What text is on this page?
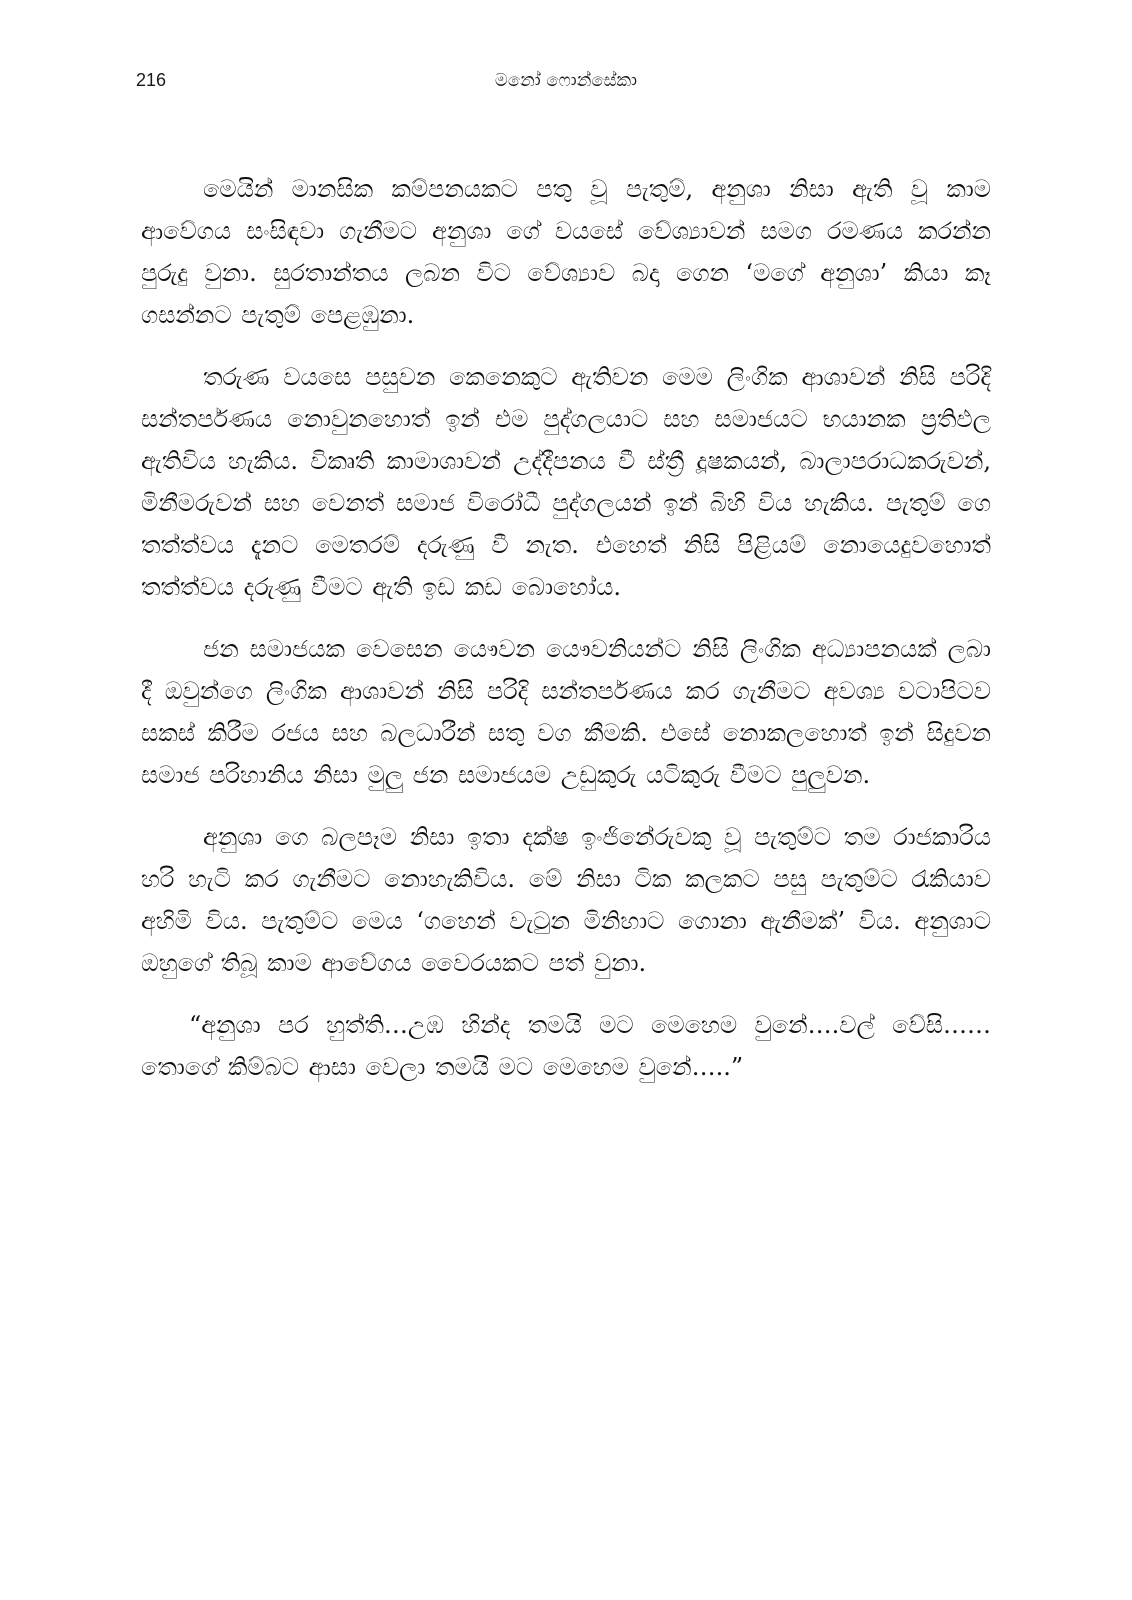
216	මනෝ ෆොන්සේකා

මෙයින් මානසික කම්පනයකට පතු වූ පැතුම්, අනුශා නිසා ඇති වූ කාම ආවේගය සංසිඳවා ගැනීමට අනුශා ගේ වයසේ වේශ්‍යාවන් සමග රමණය කරන්න පුරුදු වුනා. සුරතාන්තය ලබන විට වේශ්‍යාව බදා ගෙන ‘මගේ අනුශා’ කියා කෑ ගසන්නට පැතුම් පෙළඹුනා.

තරුණ වයසෙ පසුවන කෙනෙකුට ඇතිවන මෙම ලිංගික ආශාවන් නිසි පරිදි සන්තර්පණය නොවුනහොත් ඉන් එම පුද්ගලයාට සහ සමාජයට භයානක ප්‍රතිඵල ඇතිවිය හැකිය. විකෘති කාමාශාවන් උද්දීපනය වී ස්ත්‍රී දූෂකයන්, බාලාපරාධකරුවන්, මිනීමරුවන් සහ වෙනත් සමාජ විරෝධී පුද්ගලයන් ඉන් බිහි විය හැකිය. පැතුම් ගෙ තත්ත්වය දැනට මෙතරම් දරුණු වී නැත. එහෙත් නිසි පිළියම් නොයෙදුවහොත් තත්ත්වය දරුණු වීමට ඇති ඉඩ කඩ බොහෝය.

ජන සමාජයක වෙසෙන යෞවන යෞවනියන්ට නිසි ලිංගික අධ්‍යාපනයක් ලබා දී ඔවුන්ගෙ ලිංගික ආශාවන් නිසි පරිදි සන්තර්පණය කර ගැනීමට අවශ්‍ය වටාපිටව සකස් කිරීම රජය සහ බලධාරීන් සතු වග කීමකි. එසේ නොකලහොත් ඉන් සිදුවන සමාජ පරිහානිය නිසා මුලු ජන සමාජයම උඩුකුරු යටිකුරු වීමට පුලුවන.

අනුශා ගෙ බලපෑම නිසා ඉතා දක්ෂ ඉංජිනේරුවකු වූ පැතුම්ට තම රාජකාරිය හරි හැටි කර ගැනීමට නොහැකිවිය. මේ නිසා ටික කලකට පසු පැතුම්ට රැකියාව අහිමි විය. පැතුම්ට මෙය ‘ගහෙන් වැටුන මිනිහාට ගොනා ඇනීමක්’ විය. අනුශාට ඔහුගේ තිබූ කාම ආවේගය වෛරයකට පත් වුනා.

“අනුශා පර හුත්ති…උඹ හින්ද තමයි මට මෙහෙම වුනේ….වල් වේසි……තොගේ කිම්බට ආසා වෙලා තමයි මට මෙහෙම වුනේ…..”
